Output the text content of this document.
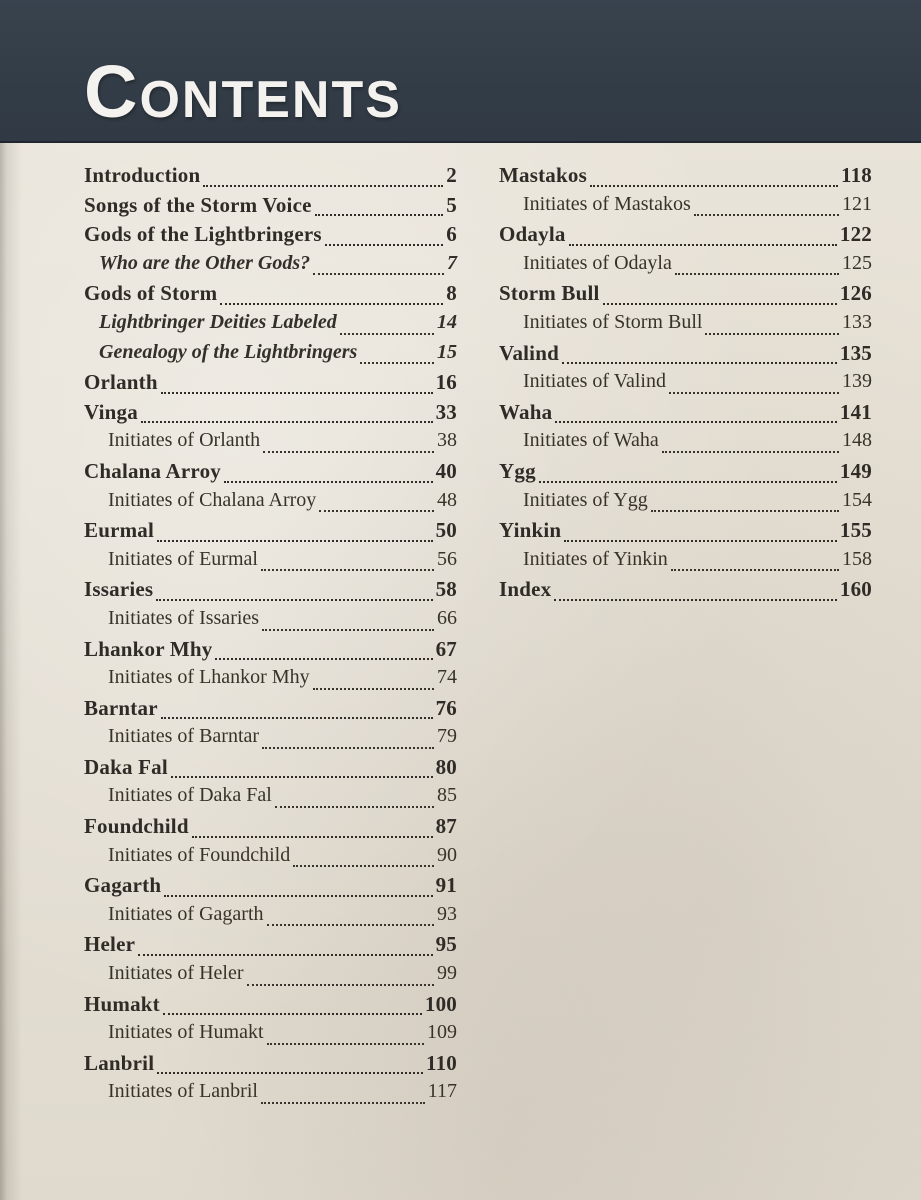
Contents
Introduction	2
Songs of the Storm Voice	5
Gods of the Lightbringers	6
Who are the Other Gods?	7
Gods of Storm	8
Lightbringer Deities Labeled	14
Genealogy of the Lightbringers	15
Orlanth	16
Vinga	33
Initiates of Orlanth	38
Chalana Arroy	40
Initiates of Chalana Arroy	48
Eurmal	50
Initiates of Eurmal	56
Issaries	58
Initiates of Issaries	66
Lhankor Mhy	67
Initiates of Lhankor Mhy	74
Barntar	76
Initiates of Barntar	79
Daka Fal	80
Initiates of Daka Fal	85
Foundchild	87
Initiates of Foundchild	90
Gagarth	91
Initiates of Gagarth	93
Heler	95
Initiates of Heler	99
Humakt	100
Initiates of Humakt	109
Lanbril	110
Initiates of Lanbril	117
Mastakos	118
Initiates of Mastakos	121
Odayla	122
Initiates of Odayla	125
Storm Bull	126
Initiates of Storm Bull	133
Valind	135
Initiates of Valind	139
Waha	141
Initiates of Waha	148
Ygg	149
Initiates of Ygg	154
Yinkin	155
Initiates of Yinkin	158
Index	160
